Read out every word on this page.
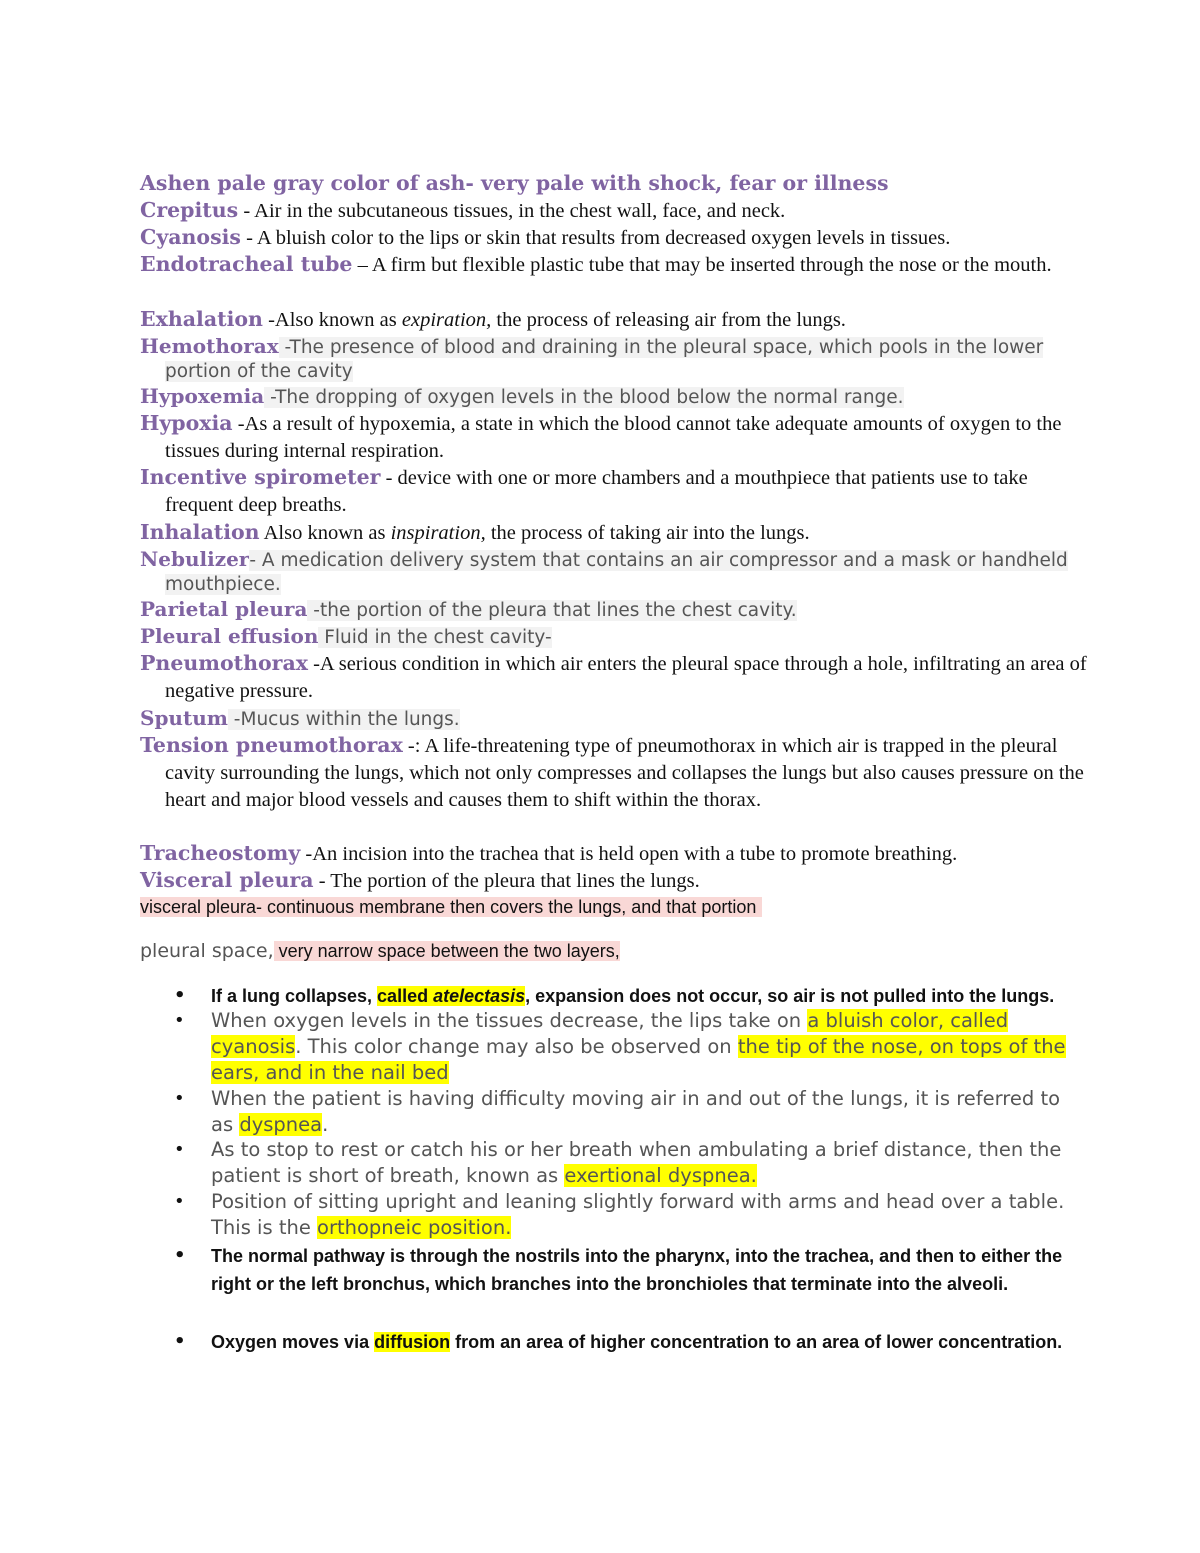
Ashen pale gray color of ash- very pale with shock, fear or illness

Crepitus - Air in the subcutaneous tissues, in the chest wall, face, and neck.

Cyanosis - A bluish color to the lips or skin that results from decreased oxygen levels in tissues.

Endotracheal tube – A firm but flexible plastic tube that may be inserted through the nose or the mouth.

Exhalation -Also known as expiration, the process of releasing air from the lungs.

Hemothorax -The presence of blood and draining in the pleural space, which pools in the lower portion of the cavity

Hypoxemia -The dropping of oxygen levels in the blood below the normal range.

Hypoxia -As a result of hypoxemia, a state in which the blood cannot take adequate amounts of oxygen to the tissues during internal respiration.

Incentive spirometer - device with one or more chambers and a mouthpiece that patients use to take frequent deep breaths.

Inhalation Also known as inspiration, the process of taking air into the lungs.

Nebulizer- A medication delivery system that contains an air compressor and a mask or handheld mouthpiece.

Parietal pleura -the portion of the pleura that lines the chest cavity.

Pleural effusion Fluid in the chest cavity-

Pneumothorax -A serious condition in which air enters the pleural space through a hole, infiltrating an area of negative pressure.

Sputum -Mucus within the lungs.

Tension pneumothorax -: A life-threatening type of pneumothorax in which air is trapped in the pleural cavity surrounding the lungs, which not only compresses and collapses the lungs but also causes pressure on the heart and major blood vessels and causes them to shift within the thorax.

Tracheostomy -An incision into the trachea that is held open with a tube to promote breathing.

Visceral pleura - The portion of the pleura that lines the lungs.

visceral pleura- continuous membrane then covers the lungs, and that portion

pleural space, very narrow space between the two layers,

• If a lung collapses, called atelectasis, expansion does not occur, so air is not pulled into the lungs.
• When oxygen levels in the tissues decrease, the lips take on a bluish color, called cyanosis. This color change may also be observed on the tip of the nose, on tops of the ears, and in the nail bed
• When the patient is having difficulty moving air in and out of the lungs, it is referred to as dyspnea.
• As to stop to rest or catch his or her breath when ambulating a brief distance, then the patient is short of breath, known as exertional dyspnea.
• Position of sitting upright and leaning slightly forward with arms and head over a table. This is the orthopneic position.
• The normal pathway is through the nostrils into the pharynx, into the trachea, and then to either the right or the left bronchus, which branches into the bronchioles that terminate into the alveoli.
• Oxygen moves via diffusion from an area of higher concentration to an area of lower concentration.
